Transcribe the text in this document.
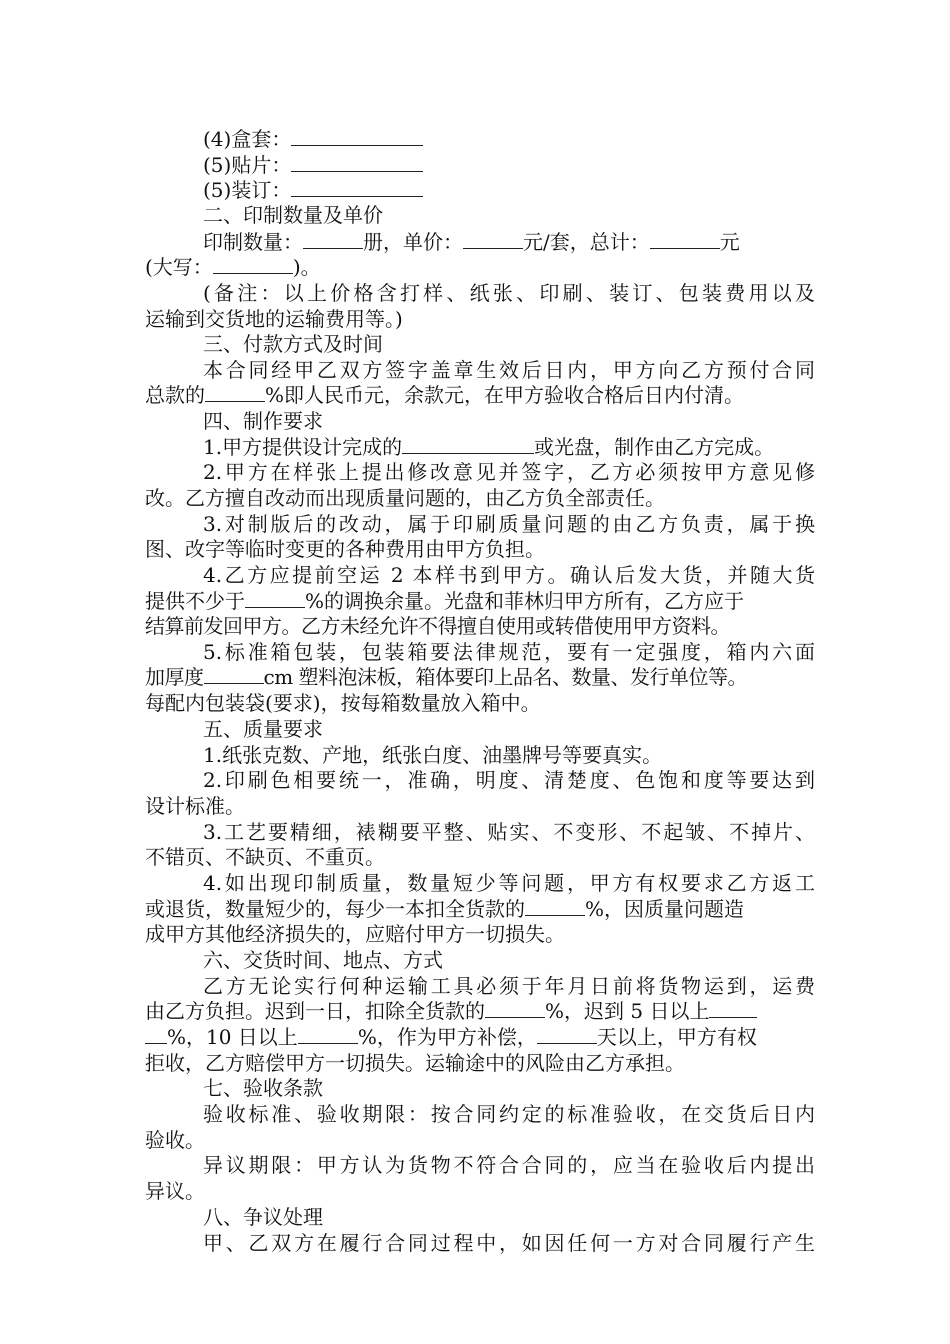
(4)盒套：
(5)贴片：
(5)装订：
二、印制数量及单价
印制数量：	册，单价：	元/套，总计：	元
(大写：	)。
(备注：以上价格含打样、纸张、印刷、装订、包装费用以及
运输到交货地的运输费用等。)
三、付款方式及时间
本合同经甲乙双方签字盖章生效后日内，甲方向乙方预付合同
总款的	%即人民币元，余款元，在甲方验收合格后日内付清。
四、制作要求
1.甲方提供设计完成的	或光盘，制作由乙方完成。
2.甲方在样张上提出修改意见并签字，乙方必须按甲方意见修
改。乙方擅自改动而出现质量问题的，由乙方负全部责任。
3.对制版后的改动，属于印刷质量问题的由乙方负责，属于换
图、改字等临时变更的各种费用由甲方负担。
4.乙方应提前空运 2 本样书到甲方。确认后发大货，并随大货
提供不少于	%的调换余量。光盘和菲林归甲方所有，乙方应于
结算前发回甲方。乙方未经允许不得擅自使用或转借使用甲方资料。
5.标准箱包装，包装箱要法律规范，要有一定强度，箱内六面
加厚度	cm 塑料泡沫板，箱体要印上品名、数量、发行单位等。
每配内包装袋(要求)，按每箱数量放入箱中。
五、质量要求
1.纸张克数、产地，纸张白度、油墨牌号等要真实。
2.印刷色相要统一，准确，明度、清楚度、色饱和度等要达到
设计标准。
3.工艺要精细，裱糊要平整、贴实、不变形、不起皱、不掉片、
不错页、不缺页、不重页。
4.如出现印制质量，数量短少等问题，甲方有权要求乙方返工
或退货，数量短少的，每少一本扣全货款的	%，因质量问题造
成甲方其他经济损失的，应赔付甲方一切损失。
六、交货时间、地点、方式
乙方无论实行何种运输工具必须于年月日前将货物运到，运费
由乙方负担。迟到一日，扣除全货款的	%，迟到 5 日以上
%，10 日以上	%，作为甲方补偿，	天以上，甲方有权
拒收，乙方赔偿甲方一切损失。运输途中的风险由乙方承担。
七、验收条款
验收标准、验收期限：按合同约定的标准验收，在交货后日内
验收。
异议期限：甲方认为货物不符合合同的，应当在验收后内提出
异议。
八、争议处理
甲、乙双方在履行合同过程中，如因任何一方对合同履行产生
